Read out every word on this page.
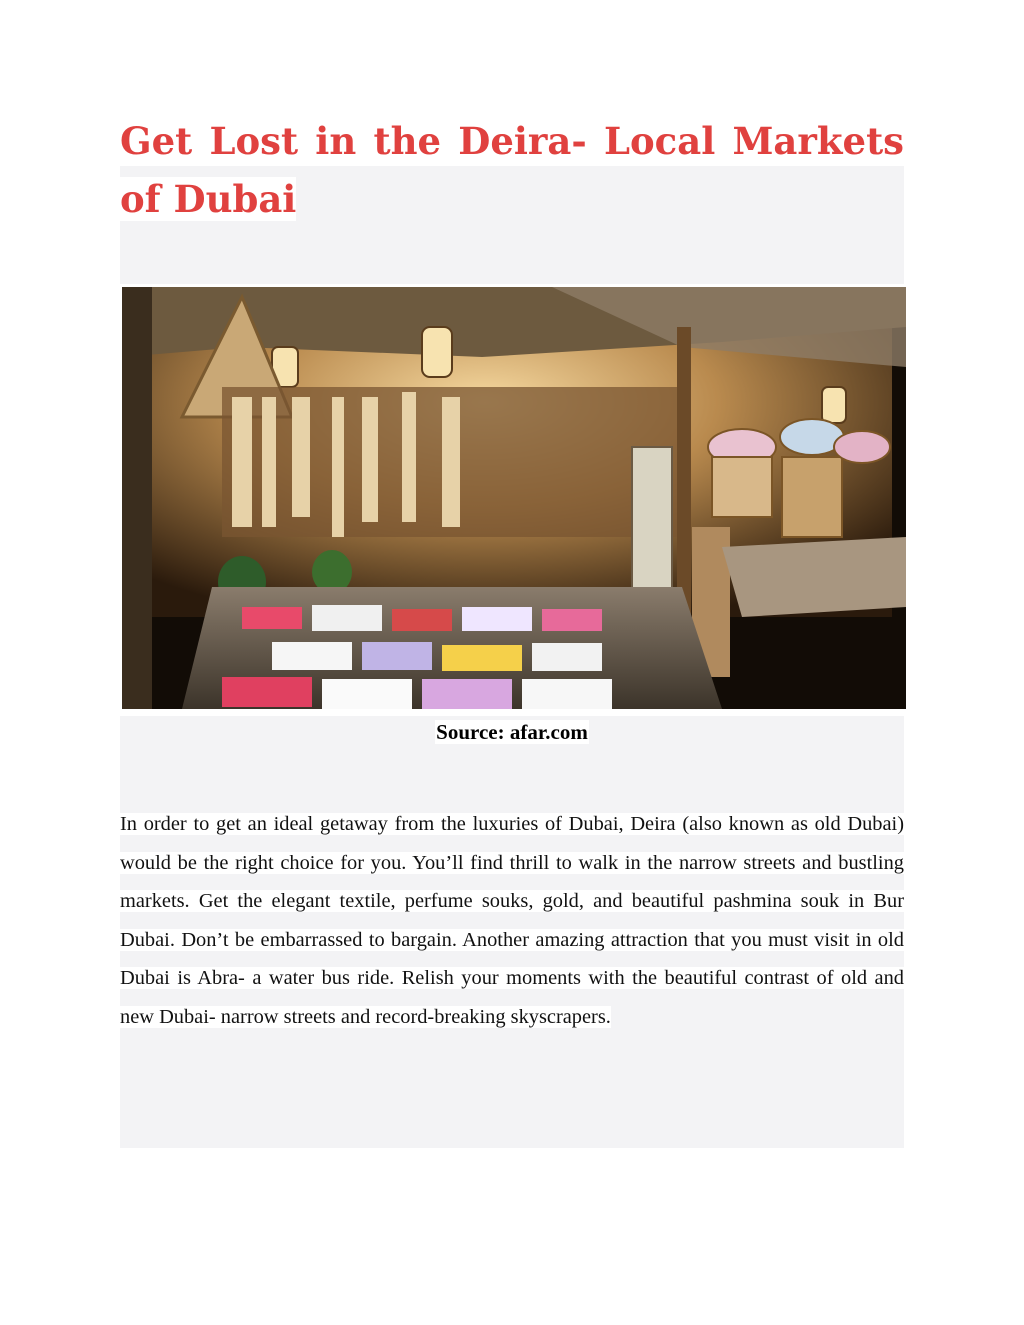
Get Lost in the Deira- Local Markets of Dubai
Source: afar.com

In order to get an ideal getaway from the luxuries of Dubai, Deira (also known as old Dubai) would be the right choice for you. You’ll find thrill to walk in the narrow streets and bustling markets. Get the elegant textile, perfume souks, gold, and beautiful pashmina souk in Bur Dubai. Don’t be embarrassed to bargain. Another amazing attraction that you must visit in old Dubai is Abra- a water bus ride. Relish your moments with the beautiful contrast of old and new Dubai- narrow streets and record-breaking skyscrapers.
